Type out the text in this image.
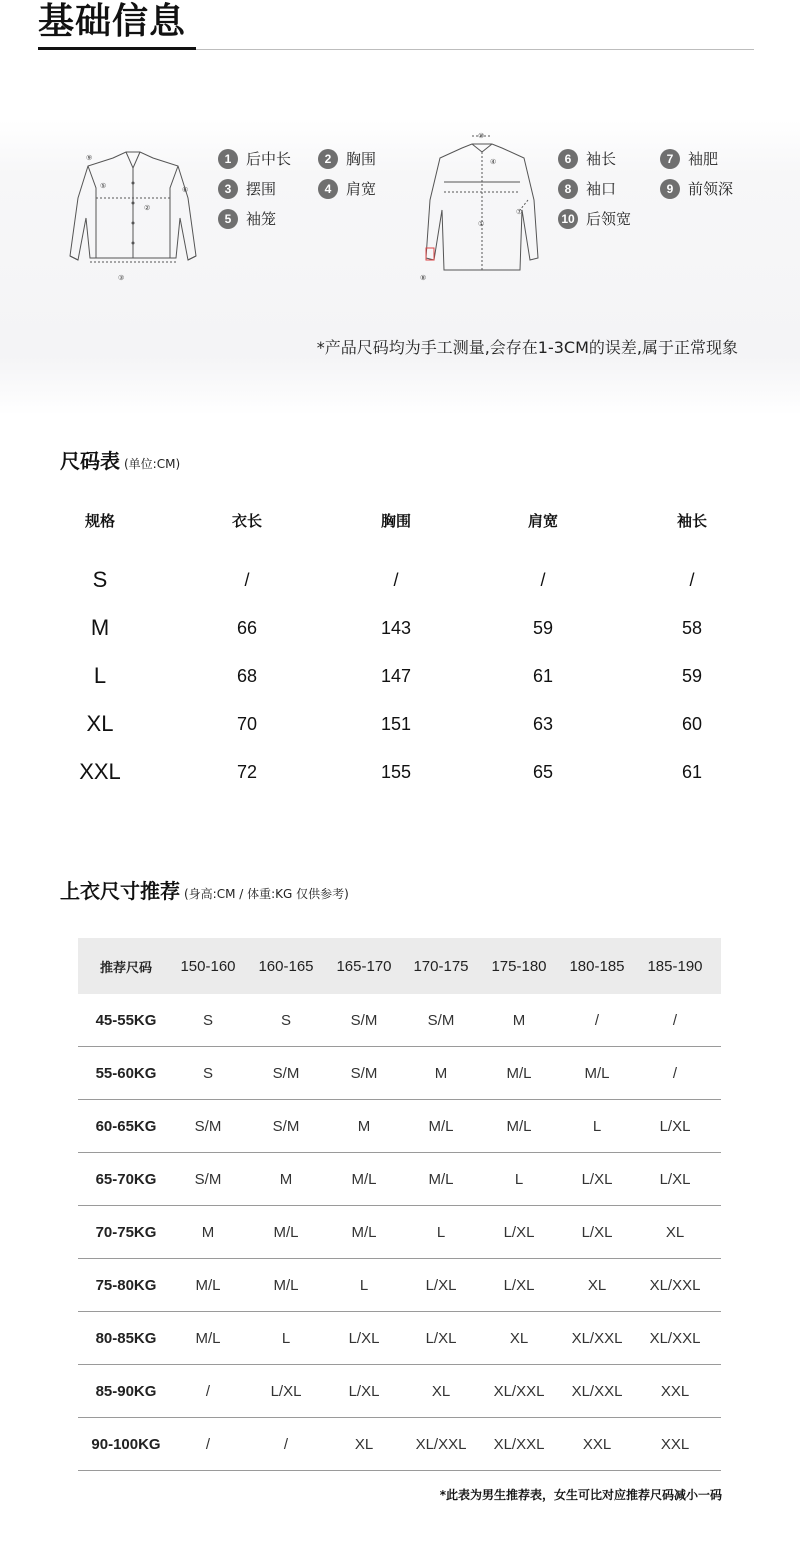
基础信息
⑨
⑤
②
⑥
③
1 后中长	2 胸围
3 摆围	4 肩宽
5 袖笼
⑩
④
①
⑦
⑧
6 袖长	7 袖肥
8 袖口	9 前领深
10 后领宽
*产品尺码均为手工测量,会存在1-3CM的误差,属于正常现象
尺码表 (单位:CM)
规格	衣长	胸围	肩宽	袖长
S	/	/	/	/
M	66	143	59	58
L	68	147	61	59
XL	70	151	63	60
XXL	72	155	65	61
上衣尺寸推荐 (身高:CM / 体重:KG 仅供参考)
推荐尺码	150-160	160-165	165-170	170-175	175-180	180-185	185-190
45-55KG	S	S	S/M	S/M	M	/	/
55-60KG	S	S/M	S/M	M	M/L	M/L	/
60-65KG	S/M	S/M	M	M/L	M/L	L	L/XL
65-70KG	S/M	M	M/L	M/L	L	L/XL	L/XL
70-75KG	M	M/L	M/L	L	L/XL	L/XL	XL
75-80KG	M/L	M/L	L	L/XL	L/XL	XL	XL/XXL
80-85KG	M/L	L	L/XL	L/XL	XL	XL/XXL	XL/XXL
85-90KG	/	L/XL	L/XL	XL	XL/XXL	XL/XXL	XXL
90-100KG	/	/	XL	XL/XXL	XL/XXL	XXL	XXL
*此表为男生推荐表，女生可比对应推荐尺码减小一码
